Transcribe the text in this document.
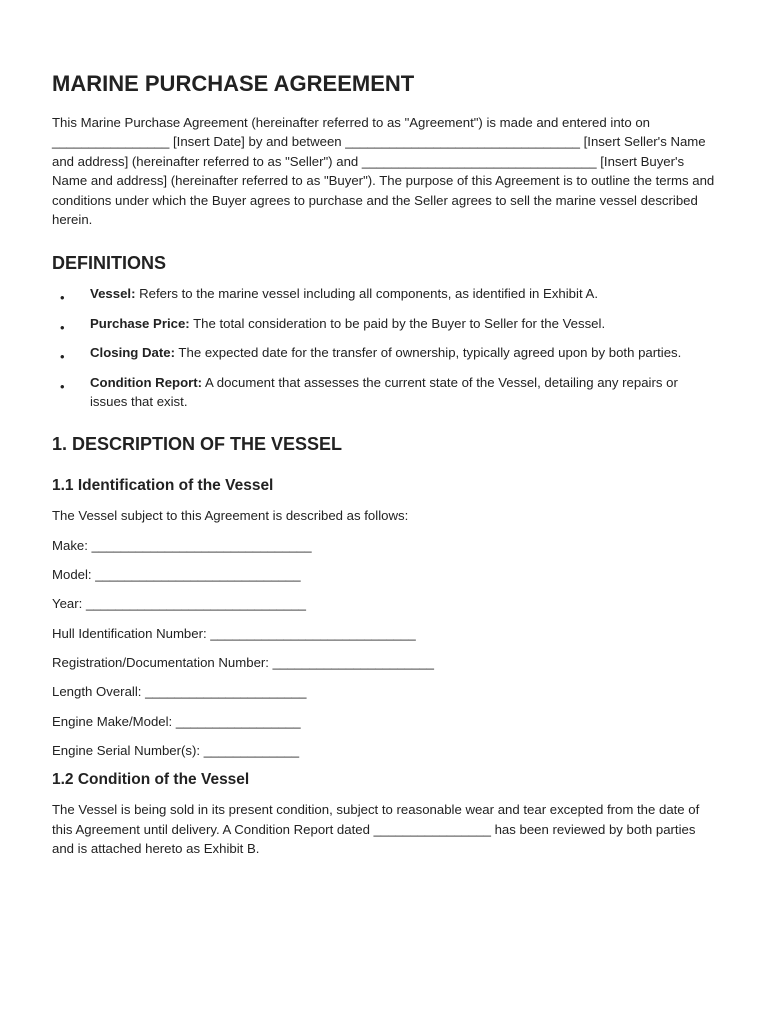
MARINE PURCHASE AGREEMENT

This Marine Purchase Agreement (hereinafter referred to as "Agreement") is made and entered into on ________________ [Insert Date] by and between ________________________________ [Insert Seller's Name and address] (hereinafter referred to as "Seller") and ________________________________ [Insert Buyer's Name and address] (hereinafter referred to as "Buyer"). The purpose of this Agreement is to outline the terms and conditions under which the Buyer agrees to purchase and the Seller agrees to sell the marine vessel described herein.

DEFINITIONS
• Vessel: Refers to the marine vessel including all components, as identified in Exhibit A.
• Purchase Price: The total consideration to be paid by the Buyer to Seller for the Vessel.
• Closing Date: The expected date for the transfer of ownership, typically agreed upon by both parties.
• Condition Report: A document that assesses the current state of the Vessel, detailing any repairs or issues that exist.
1. DESCRIPTION OF THE VESSEL
1.1 Identification of the Vessel
The Vessel subject to this Agreement is described as follows:
Make: ______________________________
Model: ____________________________
Year: ______________________________
Hull Identification Number: ____________________________
Registration/Documentation Number: ______________________
Length Overall: ______________________
Engine Make/Model: _________________
Engine Serial Number(s): _____________
1.2 Condition of the Vessel

The Vessel is being sold in its present condition, subject to reasonable wear and tear excepted from the date of this Agreement until delivery. A Condition Report dated ________________ has been reviewed by both parties and is attached hereto as Exhibit B.
